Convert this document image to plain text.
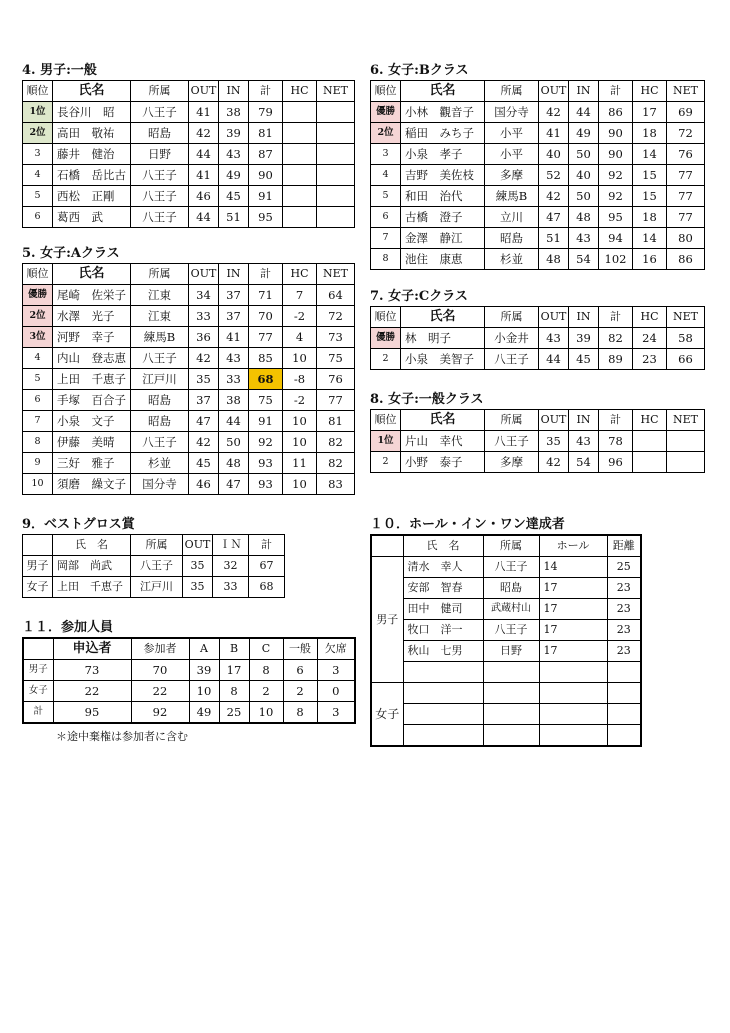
4. 男子:一般
順位	氏名	所属	OUT	IN	計	HC	NET
1位	長谷川　昭	八王子	41	38	79		
2位	高田　敬祐	昭島	42	39	81		
3	藤井　健治	日野	44	43	87		
4	石橋　岳比古	八王子	41	49	90		
5	西松　正剛	八王子	46	45	91		
6	葛西　武	八王子	44	51	95		
5. 女子:Aクラス
順位	氏名	所属	OUT	IN	計	HC	NET
優勝	尾崎　佐栄子	江東	34	37	71	7	64
2位	水澤　光子	江東	33	37	70	-2	72
3位	河野　幸子	練馬B	36	41	77	4	73
4	内山　登志恵	八王子	42	43	85	10	75
5	上田　千恵子	江戸川	35	33	68	-8	76
6	手塚　百合子	昭島	37	38	75	-2	77
7	小泉　文子	昭島	47	44	91	10	81
8	伊藤　美晴	八王子	42	50	92	10	82
9	三好　雅子	杉並	45	48	93	11	82
10	須磨　繰文子	国分寺	46	47	93	10	83
6. 女子:Bクラス
順位	氏名	所属	OUT	IN	計	HC	NET
優勝	小林　觀音子	国分寺	42	44	86	17	69
2位	稲田　みち子	小平	41	49	90	18	72
3	小泉　孝子	小平	40	50	90	14	76
4	吉野　美佐枝	多摩	52	40	92	15	77
5	和田　治代	練馬B	42	50	92	15	77
6	古橋　澄子	立川	47	48	95	18	77
7	金澤　静江	昭島	51	43	94	14	80
8	池住　康恵	杉並	48	54	102	16	86
7. 女子:Cクラス
順位	氏名	所属	OUT	IN	計	HC	NET
優勝	林　明子	小金井	43	39	82	24	58
2	小泉　美智子	八王子	44	45	89	23	66
8. 女子:一般クラス
順位	氏名	所属	OUT	IN	計	HC	NET
1位	片山　幸代	八王子	35	43	78		
2	小野　泰子	多摩	42	54	96		
9．ベストグロス賞
	氏　名	所属	OUT	ＩＮ	計
男子	岡部　尚武	八王子	35	32	67
女子	上田　千恵子	江戸川	35	33	68
１１．参加人員
	申込者	参加者	A	B	C	一般	欠席
男子	73	70	39	17	8	6	3
女子	22	22	10	8	2	2	0
計	95	92	49	25	10	8	3
＊途中棄権は参加者に含む
１０．ホール・イン・ワン達成者
	氏　名	所属	ホール	距離
男子	清水　幸人	八王子	14	25
	安部　智春	昭島	17	23
	田中　健司	武蔵村山	17	23
	牧口　洋一	八王子	17	23
	秋山　七男	日野	17	23

女子				
